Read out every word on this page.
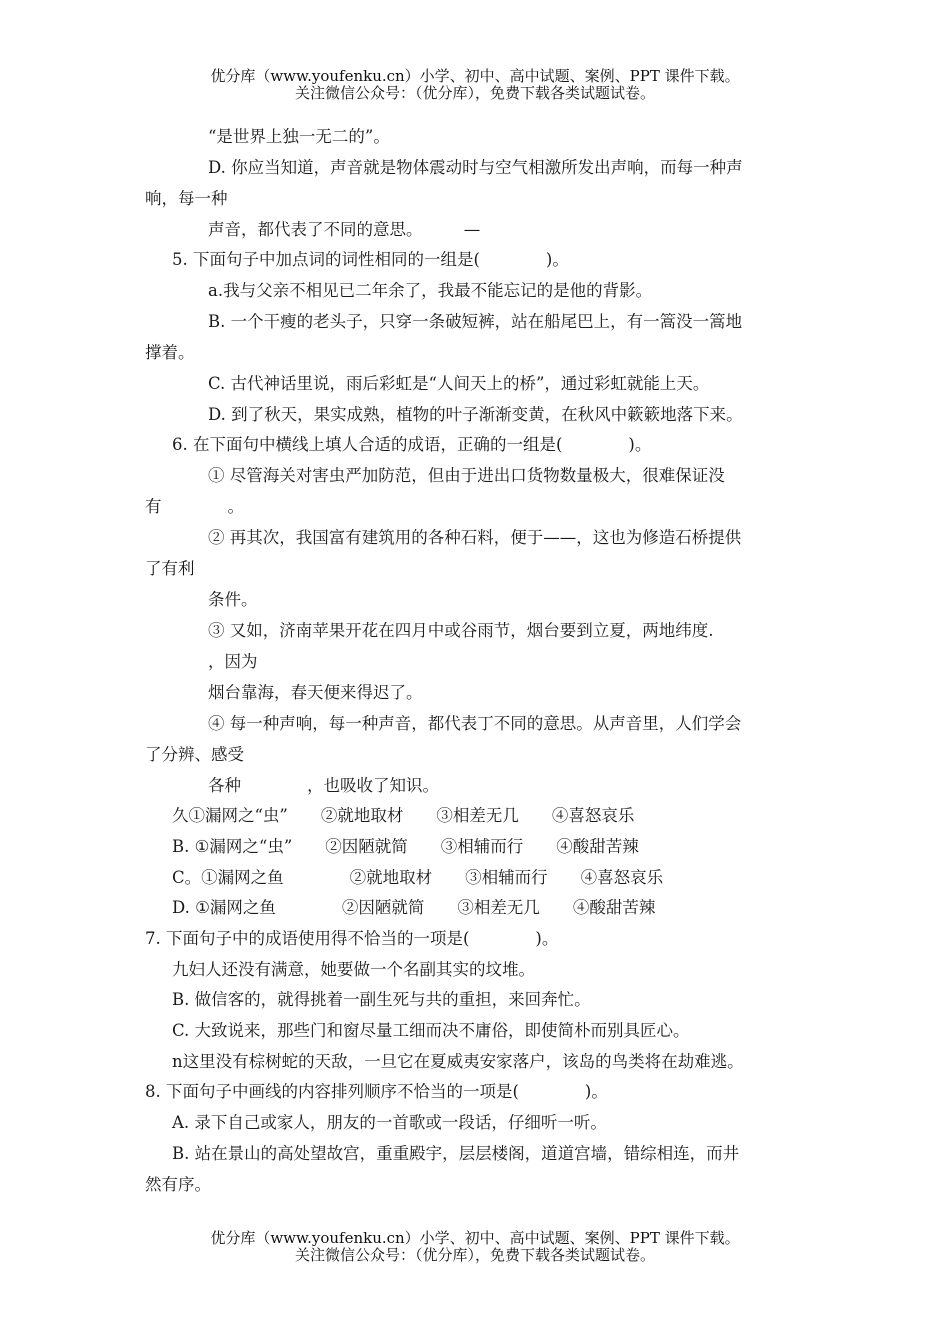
优分库（www.youfenku.cn）小学、初中、高中试题、案例、PPT 课件下载。
关注微信公众号：（优分库），免费下载各类试题试卷。
“是世界上独一无二的”。
D. 你应当知道，声音就是物体震动时与空气相激所发出声响，而每一种声
响，每一种
声音，都代表了不同的意思。　　　—
5. 下面句子中加点词的词性相同的一组是(　　　　)。
a.我与父亲不相见已二年余了，我最不能忘记的是他的背影。
B. 一个干瘦的老头子，只穿一条破短裤，站在船尾巴上，有一篙没一篙地
撑着。
C. 古代神话里说，雨后彩虹是“人间天上的桥”，通过彩虹就能上天。
D. 到了秋天，果实成熟，植物的叶子渐渐变黄，在秋风中簌簌地落下来。
6. 在下面句中横线上填人合适的成语，正确的一组是(　　　　)。
① 尽管海关对害虫严加防范，但由于进出口货物数量极大，很难保证没
有　　　　。
② 再其次，我国富有建筑用的各种石料，便于——，这也为修造石桥提供
了有利
条件。
③ 又如，济南苹果开花在四月中或谷雨节，烟台要到立夏，两地纬度.
，因为
烟台靠海，春天便来得迟了。
④ 每一种声响，每一种声音，都代表丁不同的意思。从声音里，人们学会
了分辨、感受
各种　　　　，也吸收了知识。
久①漏网之“虫”　　②就地取材　　③相差无几　　④喜怒哀乐
B. ①漏网之“虫”　　②因陋就简　　③相辅而行　　④酸甜苦辣
C。①漏网之鱼　　　　②就地取材　　③相辅而行　　④喜怒哀乐
D. ①漏网之鱼　　　　②因陋就简　　③相差无几　　④酸甜苦辣
7. 下面句子中的成语使用得不恰当的一项是(　　　　)。
九妇人还没有满意，她要做一个名副其实的坟堆。
B. 做信客的，就得挑着一副生死与共的重担，来回奔忙。
C. 大致说来，那些门和窗尽量工细而决不庸俗，即使简朴而别具匠心。
n这里没有棕树蛇的天敌，一旦它在夏威夷安家落户，该岛的鸟类将在劫难逃。
8. 下面句子中画线的内容排列顺序不恰当的一项是(　　　　)。
A. 录下自己或家人，朋友的一首歌或一段话，仔细听一听。
B. 站在景山的高处望故宫，重重殿宇，层层楼阁，道道宫墙，错综相连，而井
然有序。
优分库（www.youfenku.cn）小学、初中、高中试题、案例、PPT 课件下载。
关注微信公众号：（优分库），免费下载各类试题试卷。
